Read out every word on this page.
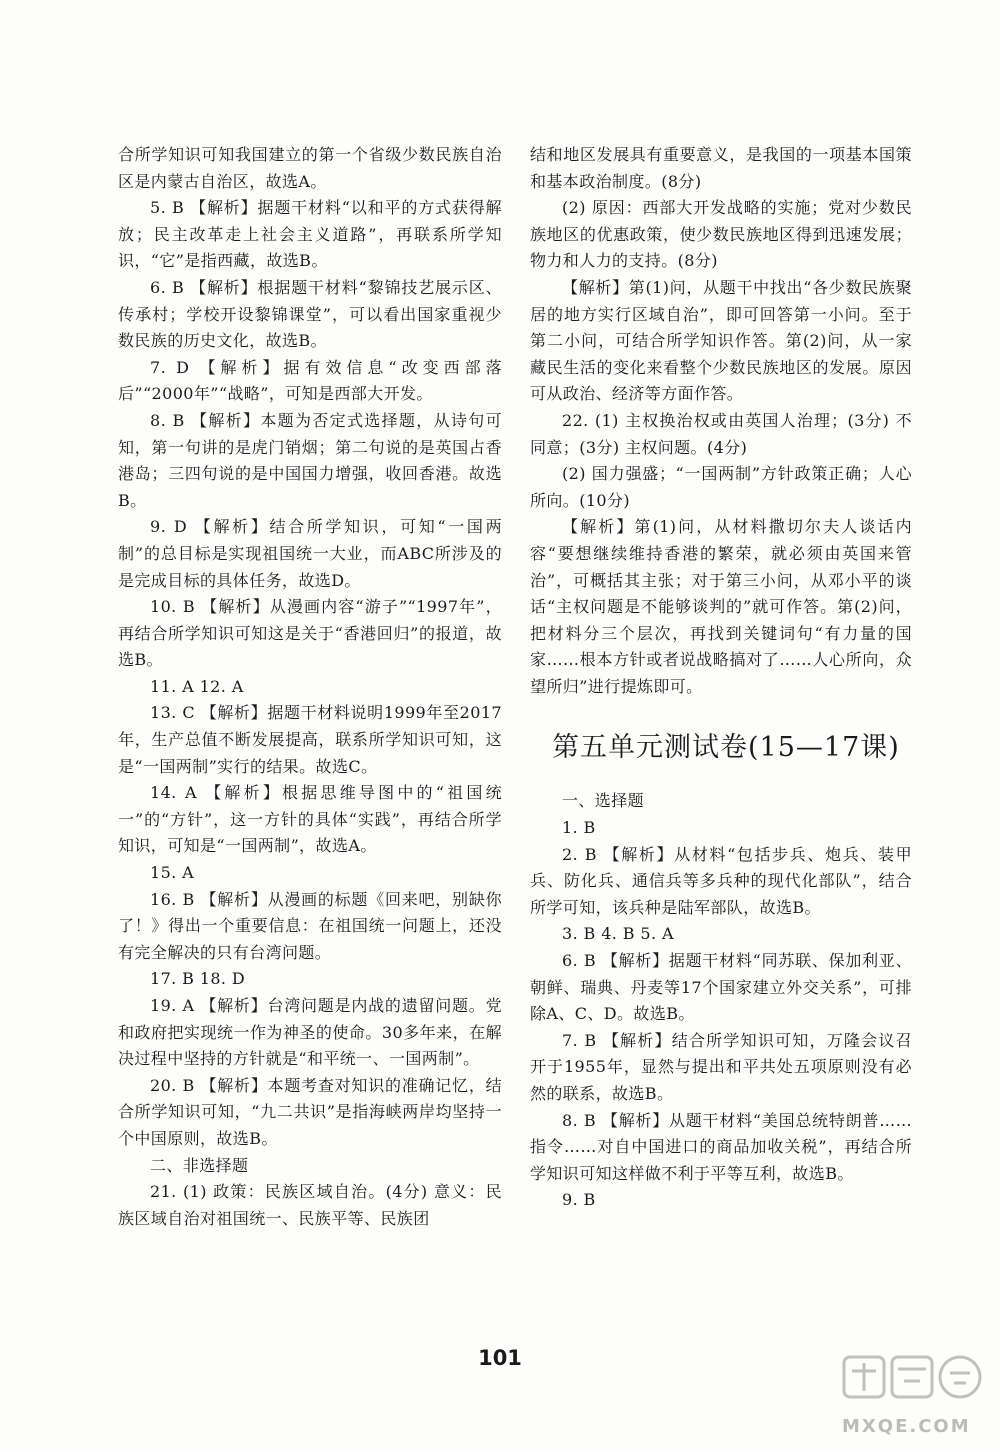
合所学知识可知我国建立的第一个省级少数民族自治区是内蒙古自治区，故选A。

5. B 【解析】据题干材料“以和平的方式获得解放；民主改革走上社会主义道路”，再联系所学知识，“它”是指西藏，故选B。

6. B 【解析】根据题干材料“黎锦技艺展示区、传承村；学校开设黎锦课堂”，可以看出国家重视少数民族的历史文化，故选B。

7. D 【解析】据有效信息“改变西部落后”“2000年”“战略”，可知是西部大开发。

8. B 【解析】本题为否定式选择题，从诗句可知，第一句讲的是虎门销烟；第二句说的是英国占香港岛；三四句说的是中国国力增强，收回香港。故选B。

9. D 【解析】结合所学知识，可知“一国两制”的总目标是实现祖国统一大业，而ABC所涉及的是完成目标的具体任务，故选D。

10. B 【解析】从漫画内容“游子”“1997年”，再结合所学知识可知这是关于“香港回归”的报道，故选B。

11. A 12. A

13. C 【解析】据题干材料说明1999年至2017年，生产总值不断发展提高，联系所学知识可知，这是“一国两制”实行的结果。故选C。

14. A 【解析】根据思维导图中的“祖国统一”的“方针”，这一方针的具体“实践”，再结合所学知识，可知是“一国两制”，故选A。

15. A

16. B 【解析】从漫画的标题《回来吧，别缺你了！》得出一个重要信息：在祖国统一问题上，还没有完全解决的只有台湾问题。

17. B 18. D

19. A 【解析】台湾问题是内战的遗留问题。党和政府把实现统一作为神圣的使命。30多年来，在解决过程中坚持的方针就是“和平统一、一国两制”。

20. B 【解析】本题考查对知识的准确记忆，结合所学知识可知，“九二共识”是指海峡两岸均坚持一个中国原则，故选B。

二、非选择题

21. (1) 政策：民族区域自治。(4分) 意义：民族区域自治对祖国统一、民族平等、民族团

结和地区发展具有重要意义，是我国的一项基本国策和基本政治制度。(8分)

(2) 原因：西部大开发战略的实施；党对少数民族地区的优惠政策，使少数民族地区得到迅速发展；物力和人力的支持。(8分)

【解析】第(1)问，从题干中找出“各少数民族聚居的地方实行区域自治”，即可回答第一小问。至于第二小问，可结合所学知识作答。第(2)问，从一家藏民生活的变化来看整个少数民族地区的发展。原因可从政治、经济等方面作答。

22. (1) 主权换治权或由英国人治理；(3分) 不同意；(3分) 主权问题。(4分)

(2) 国力强盛；“一国两制”方针政策正确；人心所向。(10分)

【解析】第(1)问，从材料撒切尔夫人谈话内容“要想继续维持香港的繁荣，就必须由英国来管治”，可概括其主张；对于第三小问，从邓小平的谈话“主权问题是不能够谈判的”就可作答。第(2)问，把材料分三个层次，再找到关键词句“有力量的国家……根本方针或者说战略搞对了……人心所向，众望所归”进行提炼即可。

第五单元测试卷(15—17课)

一、选择题

1. B

2. B 【解析】从材料“包括步兵、炮兵、装甲兵、防化兵、通信兵等多兵种的现代化部队”，结合所学可知，该兵种是陆军部队，故选B。

3. B 4. B 5. A

6. B 【解析】据题干材料“同苏联、保加利亚、朝鲜、瑞典、丹麦等17个国家建立外交关系”，可排除A、C、D。故选B。

7. B 【解析】结合所学知识可知，万隆会议召开于1955年，显然与提出和平共处五项原则没有必然的联系，故选B。

8. B 【解析】从题干材料“美国总统特朗普……指令……对自中国进口的商品加收关税”，再结合所学知识可知这样做不利于平等互利，故选B。

9. B

101
MXQE.COM
